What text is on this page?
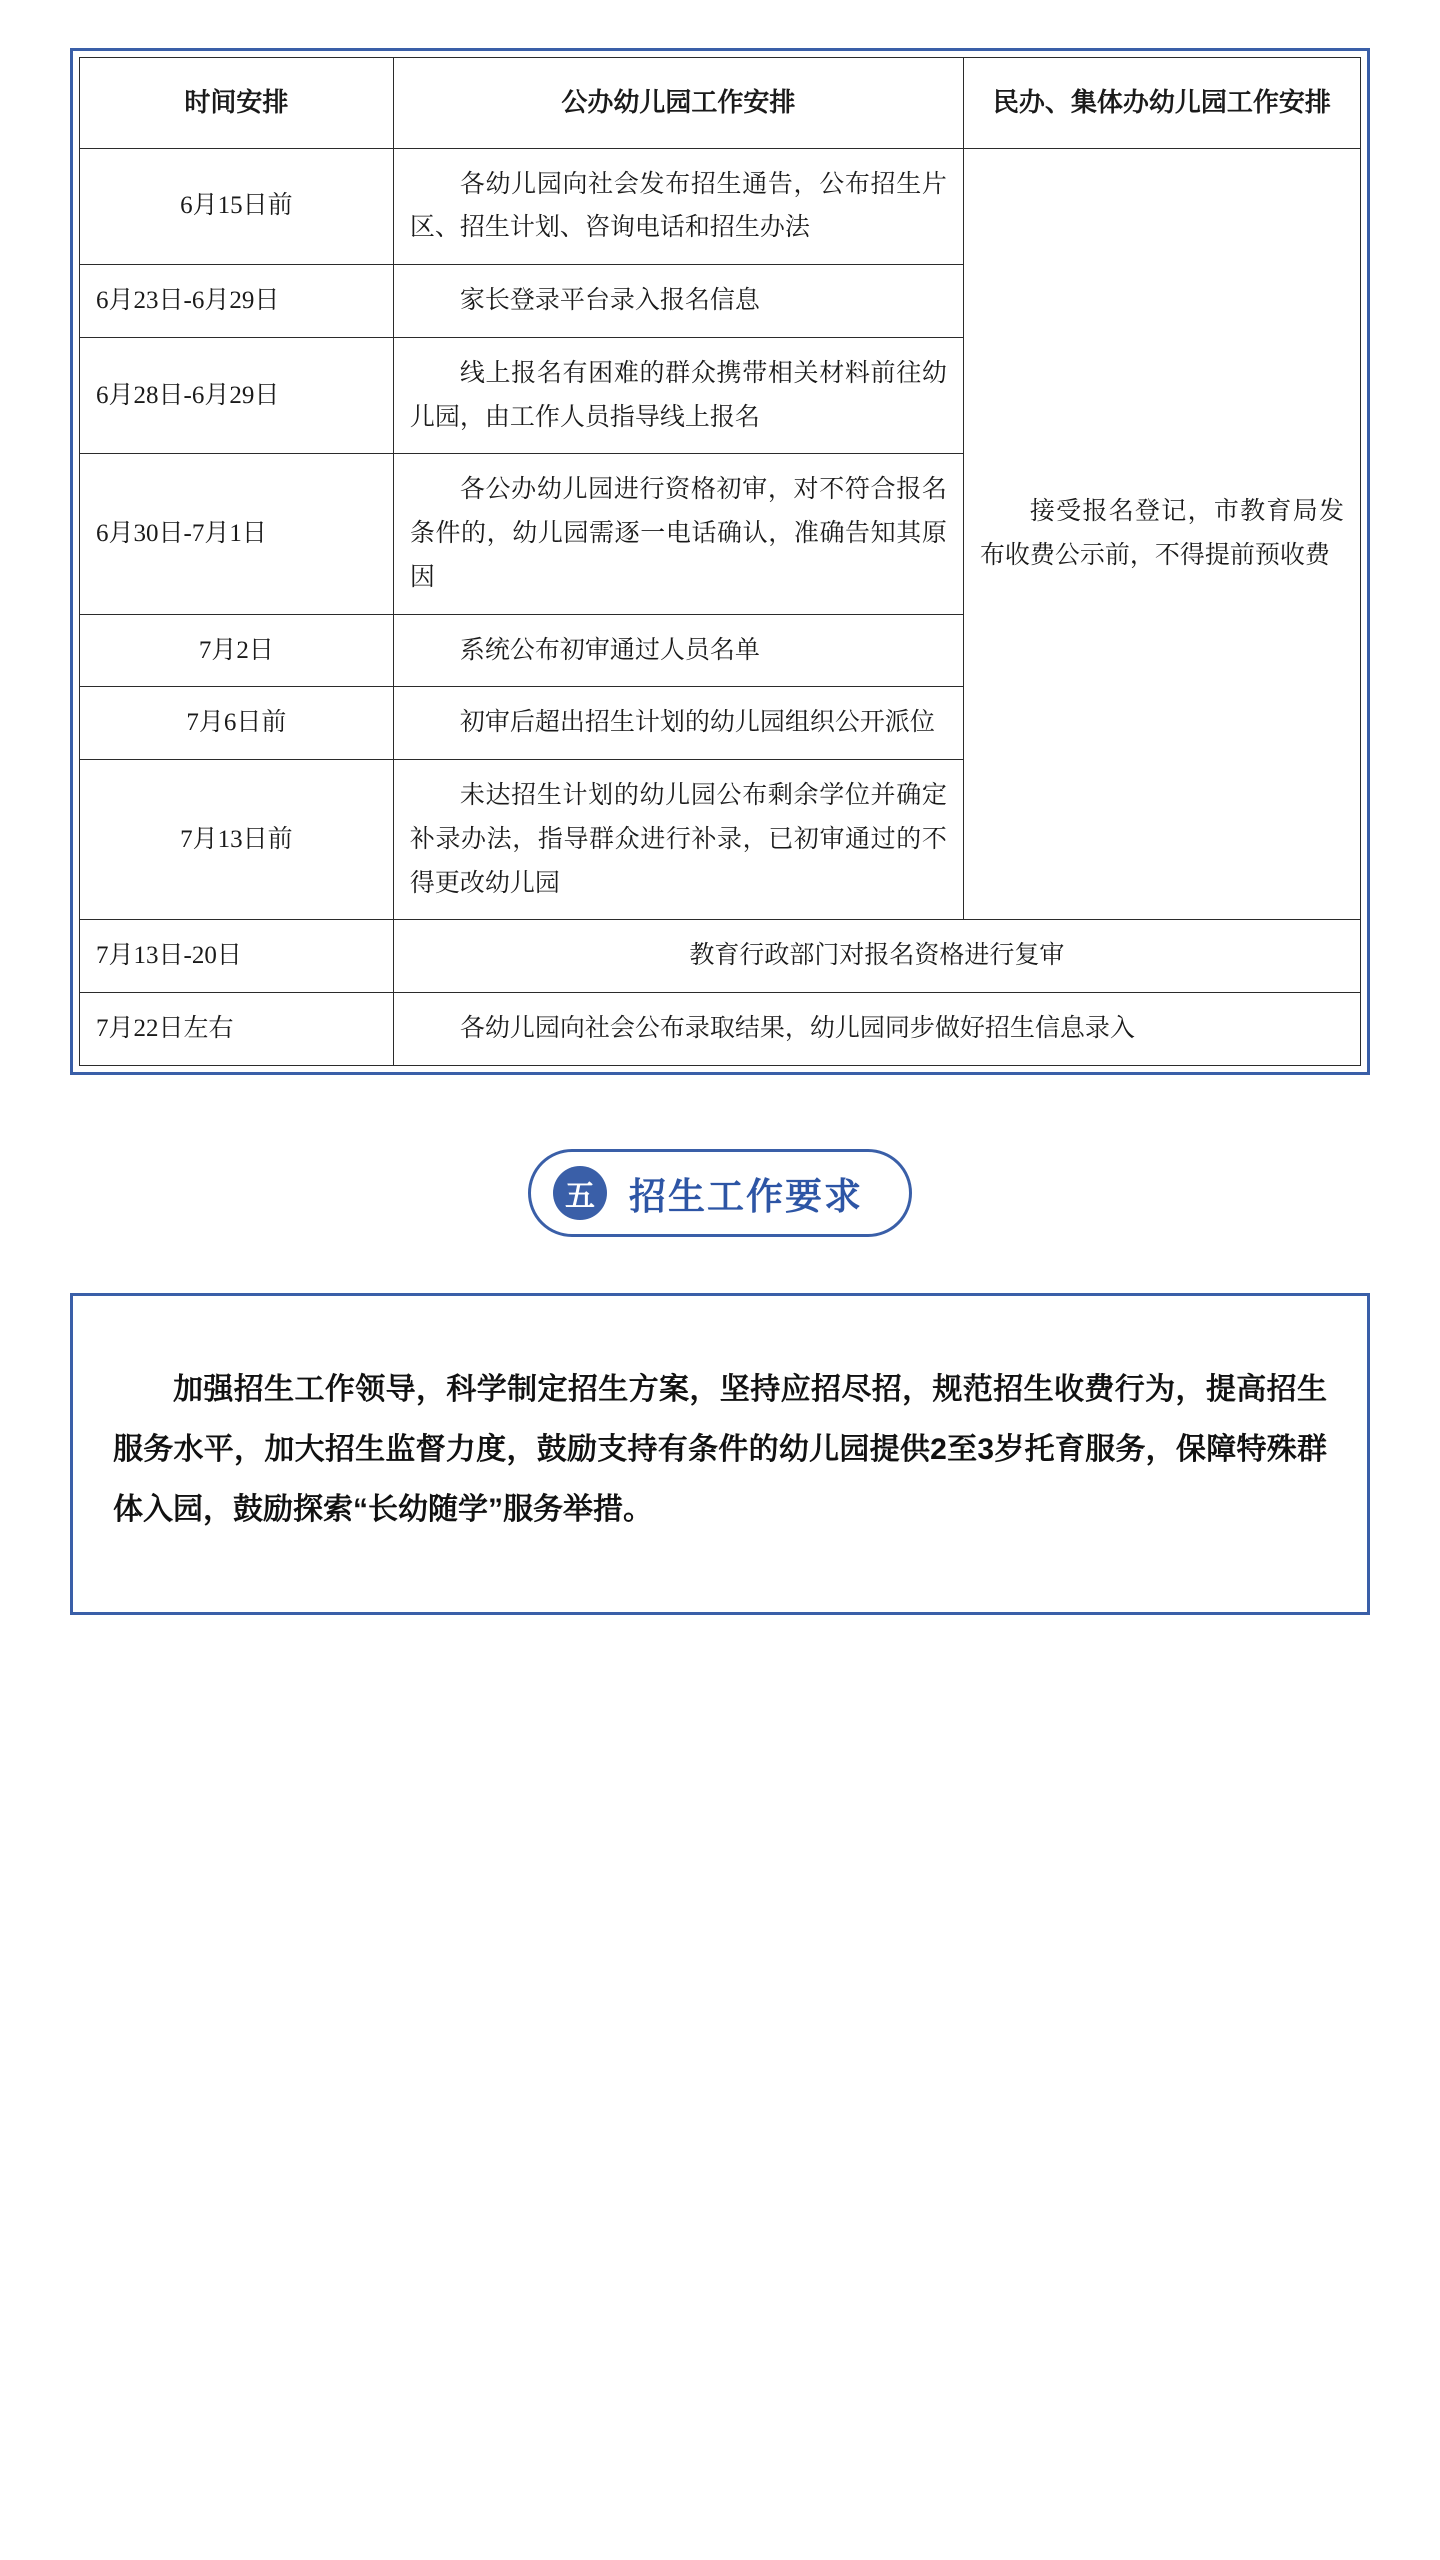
时间安排	公办幼儿园工作安排	民办、集体办幼儿园工作安排
6月15日前	各幼儿园向社会发布招生通告，公布招生片区、招生计划、咨询电话和招生办法	接受报名登记，市教育局发布收费公示前，不得提前预收费
6月23日-6月29日	家长登录平台录入报名信息	
6月28日-6月29日	线上报名有困难的群众携带相关材料前往幼儿园，由工作人员指导线上报名	
6月30日-7月1日	各公办幼儿园进行资格初审，对不符合报名条件的，幼儿园需逐一电话确认，准确告知其原因	
7月2日	系统公布初审通过人员名单	
7月6日前	初审后超出招生计划的幼儿园组织公开派位	
7月13日前	未达招生计划的幼儿园公布剩余学位并确定补录办法，指导群众进行补录，已初审通过的不得更改幼儿园	
7月13日-20日	教育行政部门对报名资格进行复审	
7月22日左右	各幼儿园向社会公布录取结果，幼儿园同步做好招生信息录入	
五 招生工作要求

加强招生工作领导，科学制定招生方案，坚持应招尽招，规范招生收费行为，提高招生服务水平，加大招生监督力度，鼓励支持有条件的幼儿园提供2至3岁托育服务，保障特殊群体入园，鼓励探索“长幼随学”服务举措。
